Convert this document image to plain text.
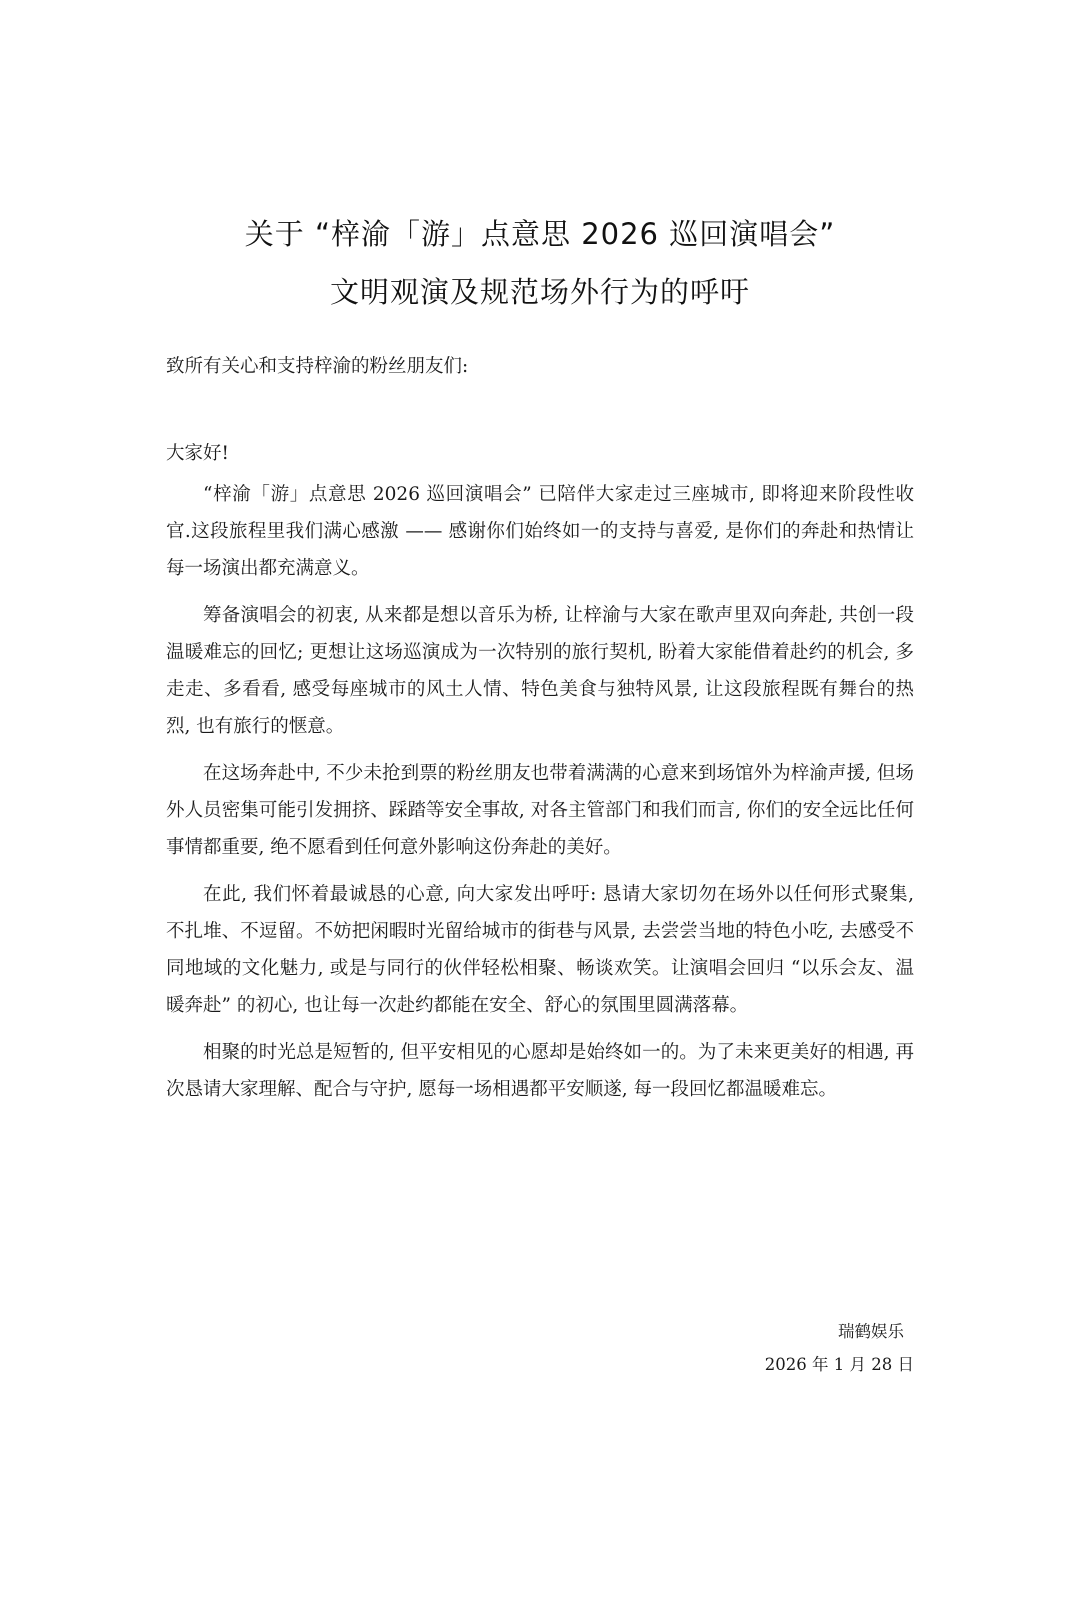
关于 “梓渝「游」点意思 2026 巡回演唱会”
文明观演及规范场外行为的呼吁
致所有关心和支持梓渝的粉丝朋友们:
大家好!

“梓渝「游」点意思 2026 巡回演唱会” 已陪伴大家走过三座城市, 即将迎来阶段性收官.这段旅程里我们满心感激 —— 感谢你们始终如一的支持与喜爱, 是你们的奔赴和热情让每一场演出都充满意义。

筹备演唱会的初衷, 从来都是想以音乐为桥, 让梓渝与大家在歌声里双向奔赴, 共创一段温暖难忘的回忆; 更想让这场巡演成为一次特别的旅行契机, 盼着大家能借着赴约的机会, 多走走、多看看, 感受每座城市的风土人情、特色美食与独特风景, 让这段旅程既有舞台的热烈, 也有旅行的惬意。

在这场奔赴中, 不少未抢到票的粉丝朋友也带着满满的心意来到场馆外为梓渝声援, 但场外人员密集可能引发拥挤、踩踏等安全事故, 对各主管部门和我们而言, 你们的安全远比任何事情都重要, 绝不愿看到任何意外影响这份奔赴的美好。

在此, 我们怀着最诚恳的心意, 向大家发出呼吁: 恳请大家切勿在场外以任何形式聚集, 不扎堆、不逗留。不妨把闲暇时光留给城市的街巷与风景, 去尝尝当地的特色小吃, 去感受不同地域的文化魅力, 或是与同行的伙伴轻松相聚、畅谈欢笑。让演唱会回归 “以乐会友、温暖奔赴” 的初心, 也让每一次赴约都能在安全、舒心的氛围里圆满落幕。

相聚的时光总是短暂的, 但平安相见的心愿却是始终如一的。为了未来更美好的相遇, 再次恳请大家理解、配合与守护, 愿每一场相遇都平安顺遂, 每一段回忆都温暖难忘。

瑞鹤娱乐
2026 年 1 月 28 日
